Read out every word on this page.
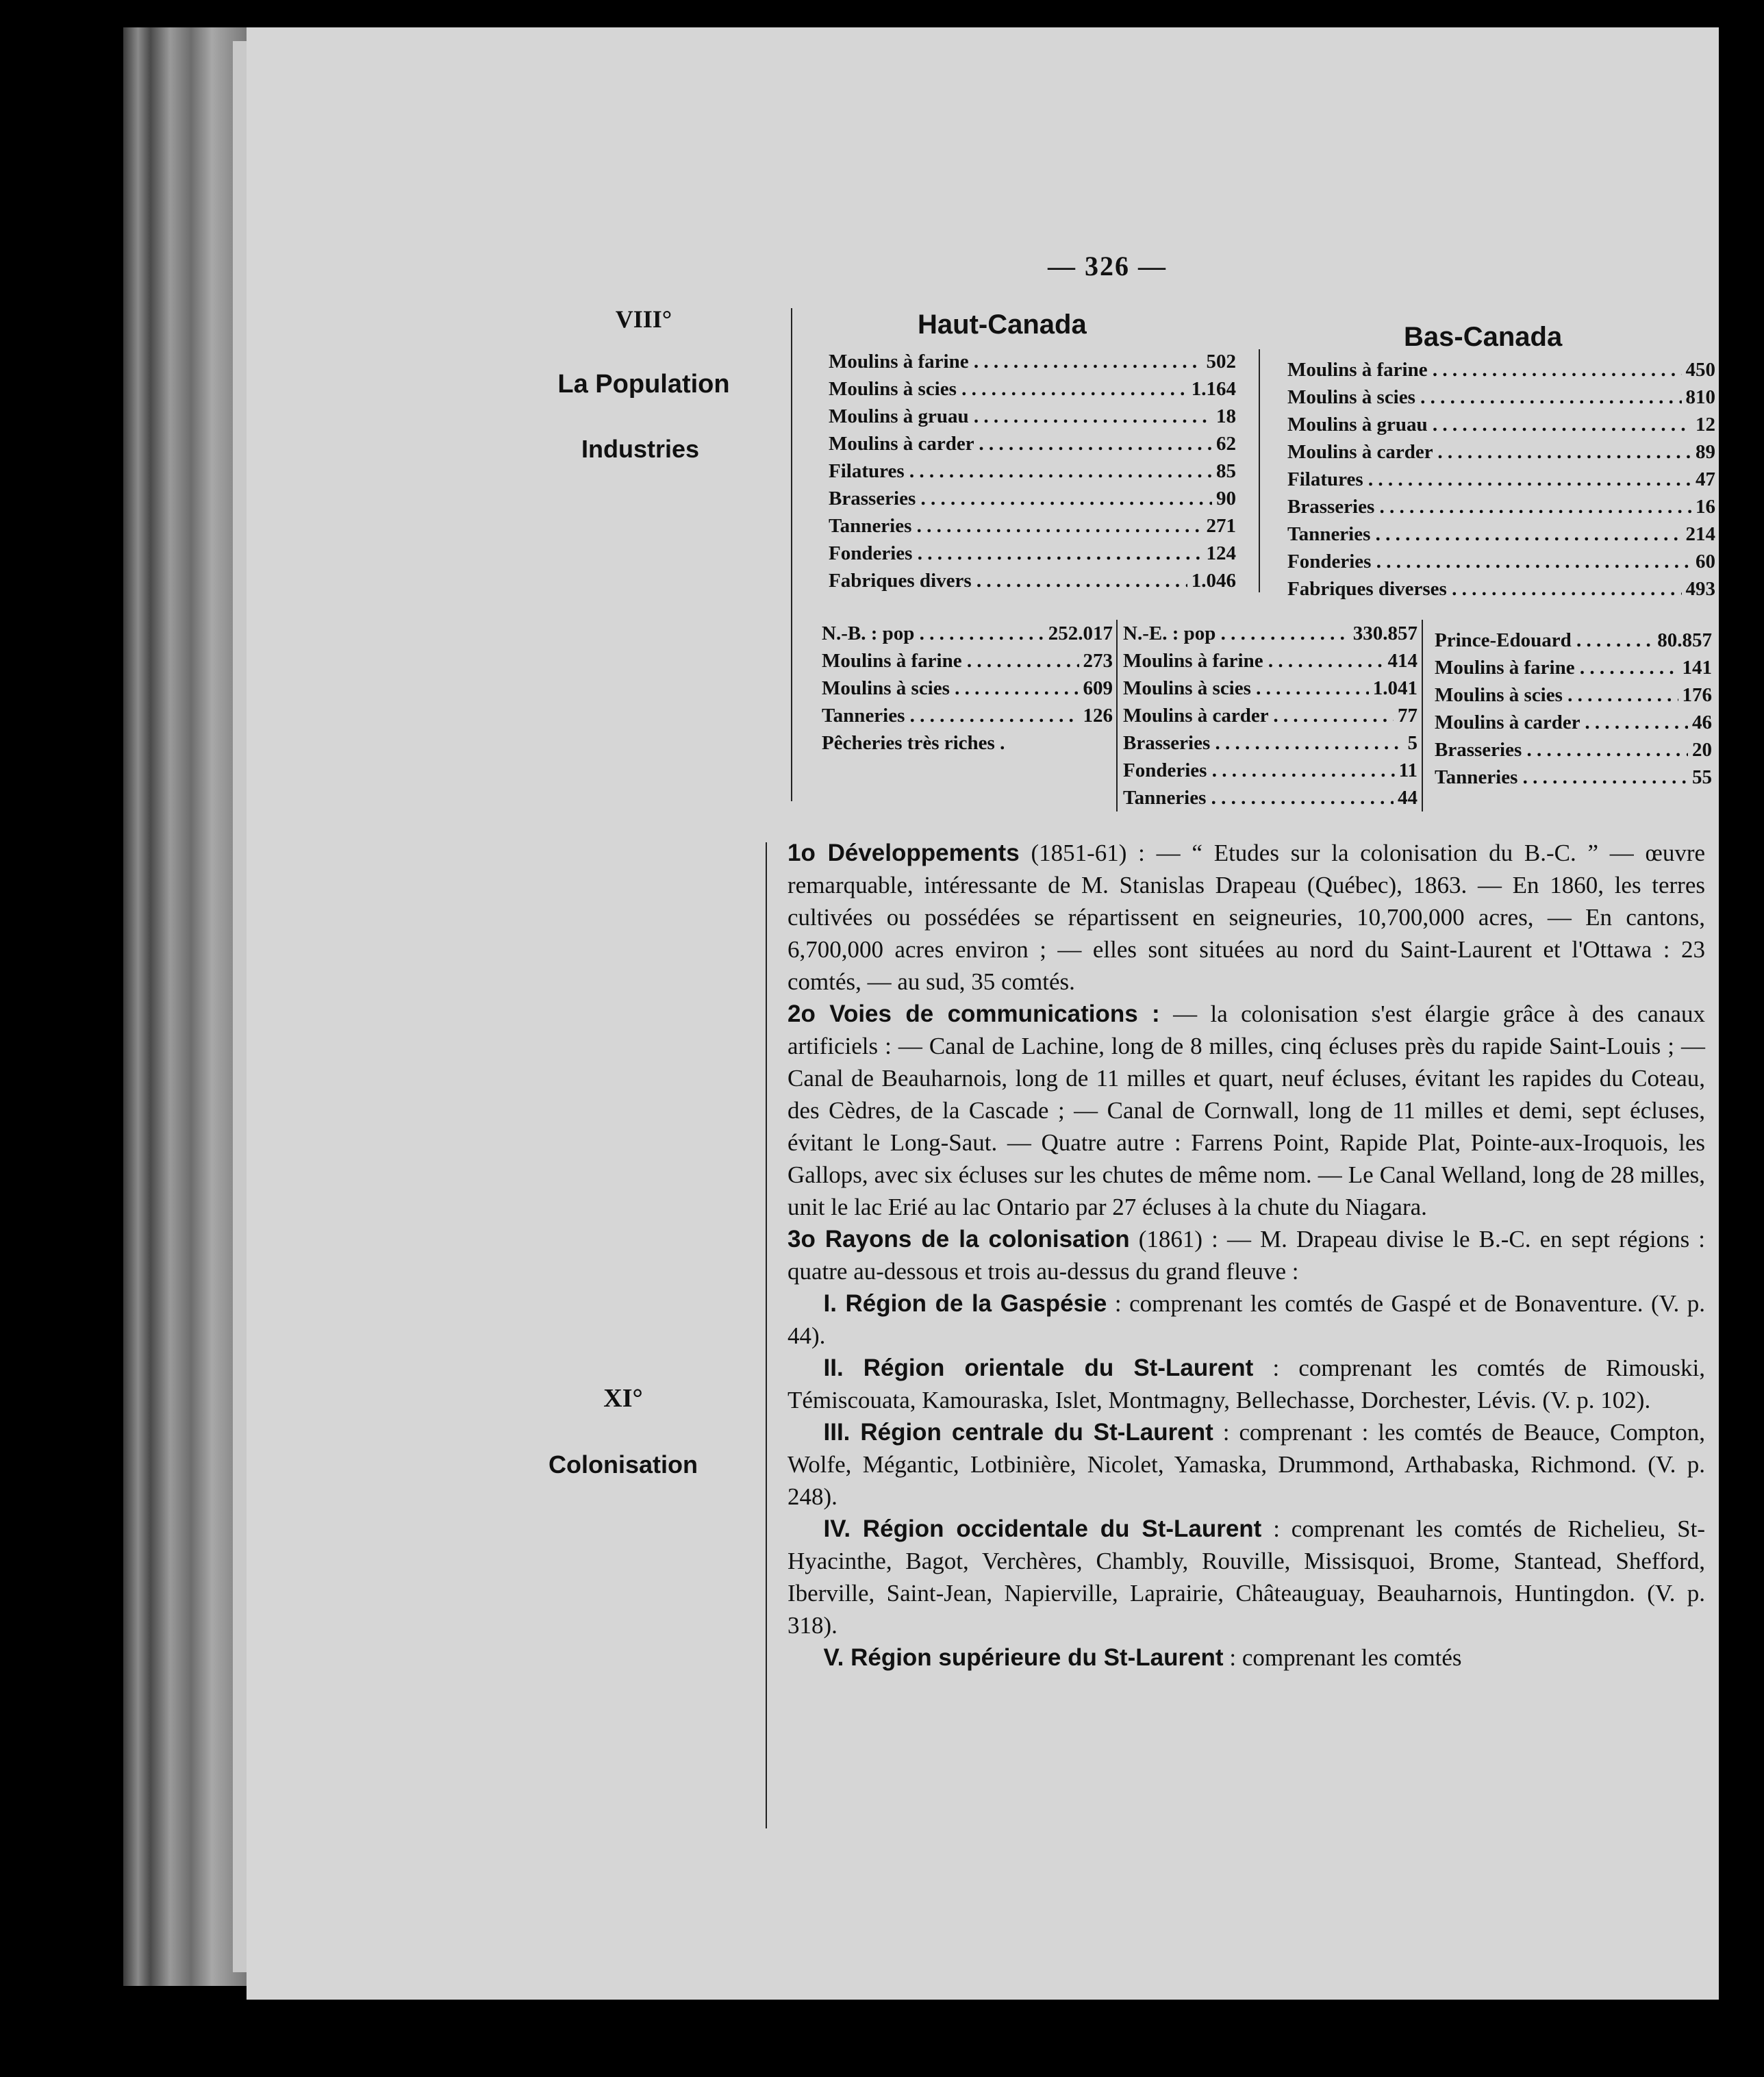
— 326 —
VIII°
La Population
Industries
XI°
Colonisation
Haut-Canada
Moulins à farine . . .	502
Moulins à scies . . .	1.164
Moulins à gruau . . .	18
Moulins à carder . . .	62
Filatures . . .	85
Brasseries . . .	90
Tanneries . . .	271
Fonderies . . .	124
Fabriques divers . . .	1.046
Bas-Canada
Moulins à farine . . .	450
Moulins à scies . . .	810
Moulins à gruau . . .	12
Moulins à carder . . .	89
Filatures . . .	47
Brasseries . . .	16
Tanneries . . .	214
Fonderies . . .	60
Fabriques diverses . . .	493
N.-B. : pop . . .	252.017
Moulins à farine . . .	273
Moulins à scies . . .	609
Tanneries . . .	126
Pêcheries très riches .
N.-E. : pop . . .	330.857
Moulins à farine . . .	414
Moulins à scies . . .	1.041
Moulins à carder . . .	77
Brasseries . . .	5
Fonderies . . .	11
Tanneries . . .	44
Prince-Edouard . . .	80.857
Moulins à farine . . .	141
Moulins à scies . . .	176
Moulins à carder . . .	46
Brasseries . . .	20
Tanneries . . .	55

1o Développements (1851-61) : — “ Etudes sur la colonisation du B.-C. ” — œuvre remarquable, intéressante de M. Stanislas Drapeau (Québec), 1863. — En 1860, les terres cultivées ou possédées se répartissent en seigneuries, 10,700,000 acres, — En cantons, 6,700,000 acres environ ; — elles sont situées au nord du Saint-Laurent et l'Ottawa : 23 comtés, — au sud, 35 comtés.

2o Voies de communications : — la colonisation s'est élargie grâce à des canaux artificiels : — Canal de Lachine, long de 8 milles, cinq écluses près du rapide Saint-Louis ; — Canal de Beauharnois, long de 11 milles et quart, neuf écluses, évitant les rapides du Coteau, des Cèdres, de la Cascade ; — Canal de Cornwall, long de 11 milles et demi, sept écluses, évitant le Long-Saut. — Quatre autre : Farrens Point, Rapide Plat, Pointe-aux-Iroquois, les Gallops, avec six écluses sur les chutes de même nom. — Le Canal Welland, long de 28 milles, unit le lac Erié au lac Ontario par 27 écluses à la chute du Niagara.

3o Rayons de la colonisation (1861) : — M. Drapeau divise le B.-C. en sept régions : quatre au-dessous et trois au-dessus du grand fleuve :

  I. Région de la Gaspésie : comprenant les comtés de Gaspé et de Bonaventure. (V. p. 44).

  II. Région orientale du St-Laurent : comprenant les comtés de Rimouski, Témiscouata, Kamouraska, Islet, Montmagny, Bellechasse, Dorchester, Lévis. (V. p. 102).

  III. Région centrale du St-Laurent : comprenant : les comtés de Beauce, Compton, Wolfe, Mégantic, Lotbinière, Nicolet, Yamaska, Drummond, Arthabaska, Richmond. (V. p. 248).

  IV. Région occidentale du St-Laurent : comprenant les comtés de Richelieu, St-Hyacinthe, Bagot, Verchères, Chambly, Rouville, Missisquoi, Brome, Stantead, Shefford, Iberville, Saint-Jean, Napierville, Laprairie, Châteauguay, Beauharnois, Huntingdon. (V. p. 318).

  V. Région supérieure du St-Laurent : comprenant les comtés
